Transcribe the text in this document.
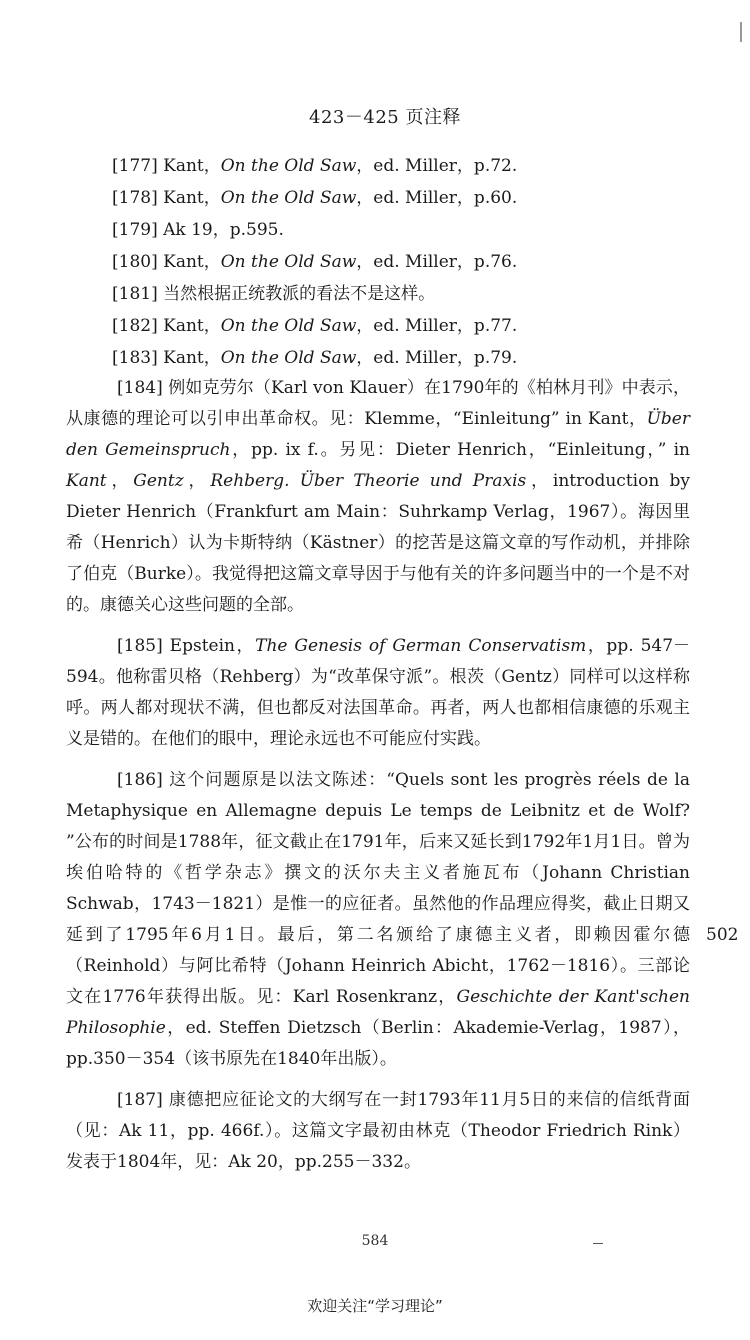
423－425 页注释
[177] Kant，On the Old Saw，ed. Miller，p.72.
[178] Kant，On the Old Saw，ed. Miller，p.60.
[179] Ak 19，p.595.
[180] Kant，On the Old Saw，ed. Miller，p.76.
[181] 当然根据正统教派的看法不是这样。
[182] Kant，On the Old Saw，ed. Miller，p.77.
[183] Kant，On the Old Saw，ed. Miller，p.79.

[184] 例如克劳尔（Karl von Klauer）在1790年的《柏林月刊》中表示，从康德的理论可以引申出革命权。见：Klemme，“Einleitung” in Kant，Über den Gemeinspruch，pp. ix f.。另见：Dieter Henrich，“Einleitung，” in Kant，Gentz，Rehberg. Über Theorie und Praxis，introduction by Dieter Henrich（Frankfurt am Main：Suhrkamp Verlag，1967）。海因里希（Henrich）认为卡斯特纳（Kästner）的挖苦是这篇文章的写作动机，并排除了伯克（Burke）。我觉得把这篇文章导因于与他有关的许多问题当中的一个是不对的。康德关心这些问题的全部。

[185] Epstein，The Genesis of German Conservatism，pp. 547－594。他称雷贝格（Rehberg）为“改革保守派”。根茨（Gentz）同样可以这样称呼。两人都对现状不满，但也都反对法国革命。再者，两人也都相信康德的乐观主义是错的。在他们的眼中，理论永远也不可能应付实践。

[186] 这个问题原是以法文陈述：“Quels sont les progrès réels de la Metaphysique en Allemagne depuis Le temps de Leibnitz et de Wolf? ”公布的时间是1788年，征文截止在1791年，后来又延长到1792年1月1日。曾为埃伯哈特的《哲学杂志》撰文的沃尔夫主义者施瓦布（Johann Christian Schwab，1743－1821）是惟一的应征者。虽然他的作品理应得奖，截止日期又延到了1795年6月1日。最后，第二名颁给了康德主义者，即赖因霍尔德（Reinhold）与阿比希特（Johann Heinrich Abicht，1762－1816）。三部论文在1776年获得出版。见：Karl Rosenkranz，Geschichte der Kant'schen Philosophie，ed. Steffen Dietzsch（Berlin：Akademie-Verlag，1987），pp.350－354（该书原先在1840年出版）。

[187] 康德把应征论文的大纲写在一封1793年11月5日的来信的信纸背面（见：Ak 11，pp. 466f.）。这篇文字最初由林克（Theodor Friedrich Rink）发表于1804年，见：Ak 20，pp.255－332。

502
584
欢迎关注“学习理论”
